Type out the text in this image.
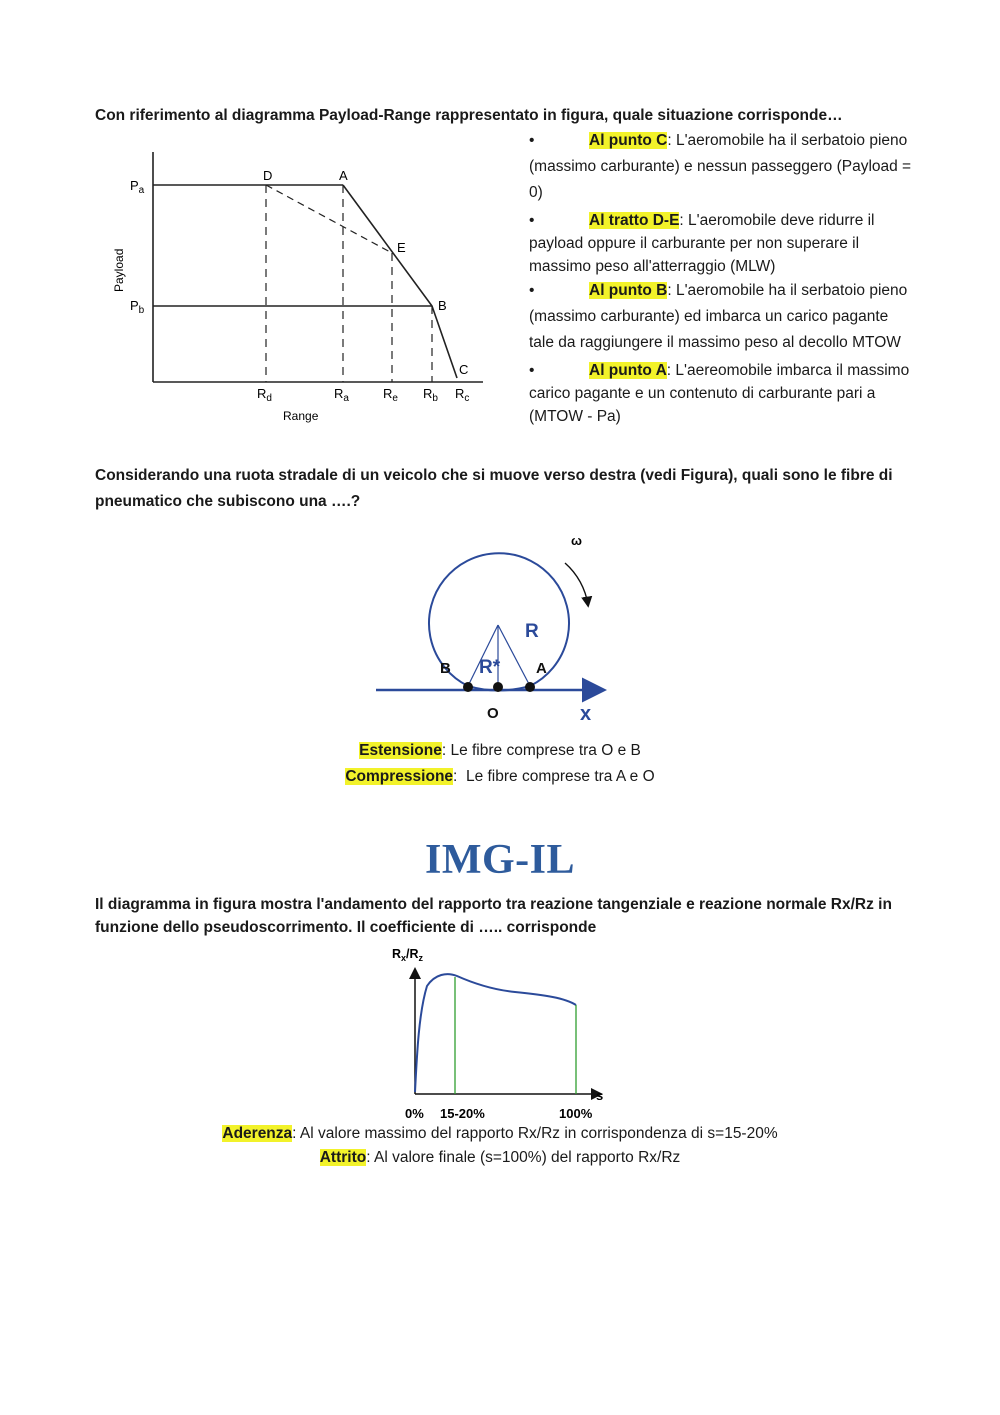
Con riferimento al diagramma Payload-Range rappresentato in figura, quale situazione corrisponde…
$P_a$
$P_b$
D	A
E
B
C
$R_d$	$R_a$	$R_e$ $R_b$ $R_c$
Range
Payload
•	Al punto C: L'aeromobile ha il serbatoio pieno (massimo carburante) e nessun passeggero (Payload = 0)
•	Al tratto D-E: L'aeromobile deve ridurre il payload oppure il carburante per non superare il massimo peso all'atterraggio (MLW)
•	Al punto B: L'aeromobile ha il serbatoio pieno (massimo carburante) ed imbarca un carico pagante tale da raggiungere il massimo peso al decollo MTOW
•	Al punto A: L'aereomobile imbarca il massimo carico pagante e un contenuto di carburante pari a (MTOW - Pa)
Considerando una ruota stradale di un veicolo che si muove verso destra (vedi Figura), quali sono le fibre di pneumatico che subiscono una ….?
ω
R
R*
B	A
O	x
Estensione: Le fibre comprese tra O e B
Compressione:  Le fibre comprese tra A e O
IMG-IL
Il diagramma in figura mostra l'andamento del rapporto tra reazione tangenziale e reazione normale Rx/Rz in funzione dello pseudoscorrimento. Il coefficiente di ….. corrisponde
$R_x/R_z$
s
0% 15-20%	100%
Aderenza: Al valore massimo del rapporto Rx/Rz in corrispondenza di s=15-20%
Attrito: Al valore finale (s=100%) del rapporto Rx/Rz
